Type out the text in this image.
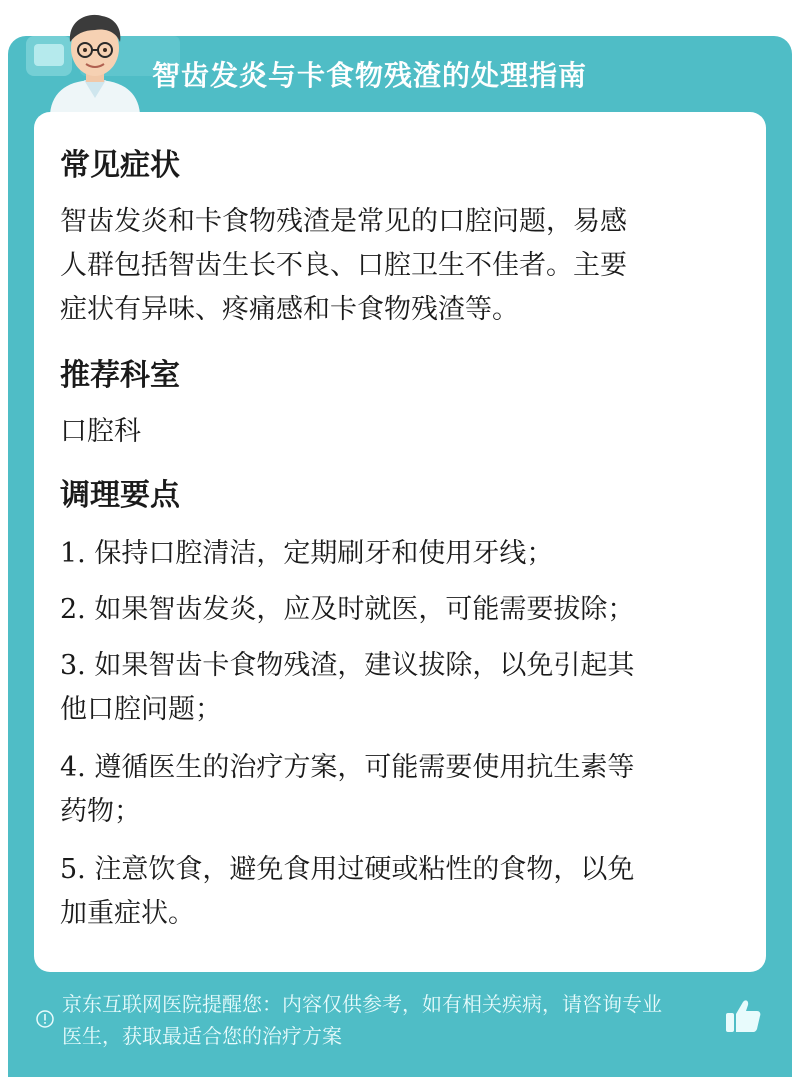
智齿发炎与卡食物残渣的处理指南
常见症状
智齿发炎和卡食物残渣是常见的口腔问题，易感
人群包括智齿生长不良、口腔卫生不佳者。主要
症状有异味、疼痛感和卡食物残渣等。
推荐科室
口腔科
调理要点
1. 保持口腔清洁，定期刷牙和使用牙线；
2. 如果智齿发炎，应及时就医，可能需要拔除；
3. 如果智齿卡食物残渣，建议拔除，以免引起其
他口腔问题；
4. 遵循医生的治疗方案，可能需要使用抗生素等
药物；
5. 注意饮食，避免食用过硬或粘性的食物，以免
加重症状。
京东互联网医院提醒您：内容仅供参考，如有相关疾病，请咨询专业
医生，获取最适合您的治疗方案
